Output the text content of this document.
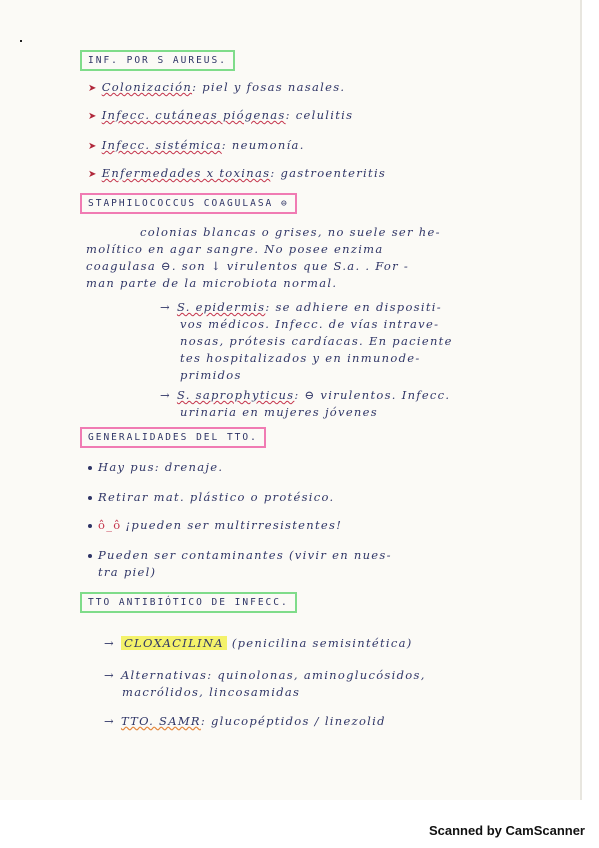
INF. POR S AUREUS.
➤ Colonización: piel y fosas nasales.
➤ Infecc. cutáneas piógenas: celulitis
➤ Infecc. sistémica: neumonía.
➤ Enfermedades x toxinas: gastroenteritis
STAPHILOCOCCUS COAGULASA ⊖
colonias blancas o grises, no suele ser he-
molítico en agar sangre. No posee enzima
coagulasa ⊖. son ↓ virulentos que S.a. . For -
man parte de la microbiota normal.
→ S. epidermis: se adhiere en dispositi-
vos médicos. Infecc. de vías intrave-
nosas, prótesis cardíacas. En paciente
tes hospitalizados y en inmunode-
primidos
→ S. saprophyticus: ⊖ virulentos. Infecc.
urinaria en mujeres jóvenes
GENERALIDADES DEL TTO.
Hay pus: drenaje.
Retirar mat. plástico o protésico.
ô_ô ¡pueden ser multirresistentes!
Pueden ser contaminantes (vivir en nues-
tra piel)
TTO ANTIBIÓTICO DE INFECC.
→ CLOXACILINA (penicilina semisintética)
→ Alternativas: quinolonas, aminoglucósidos,
macrólidos, lincosamidas
→ TTO. SAMR: glucopéptidos / linezolid
Scanned by CamScanner
